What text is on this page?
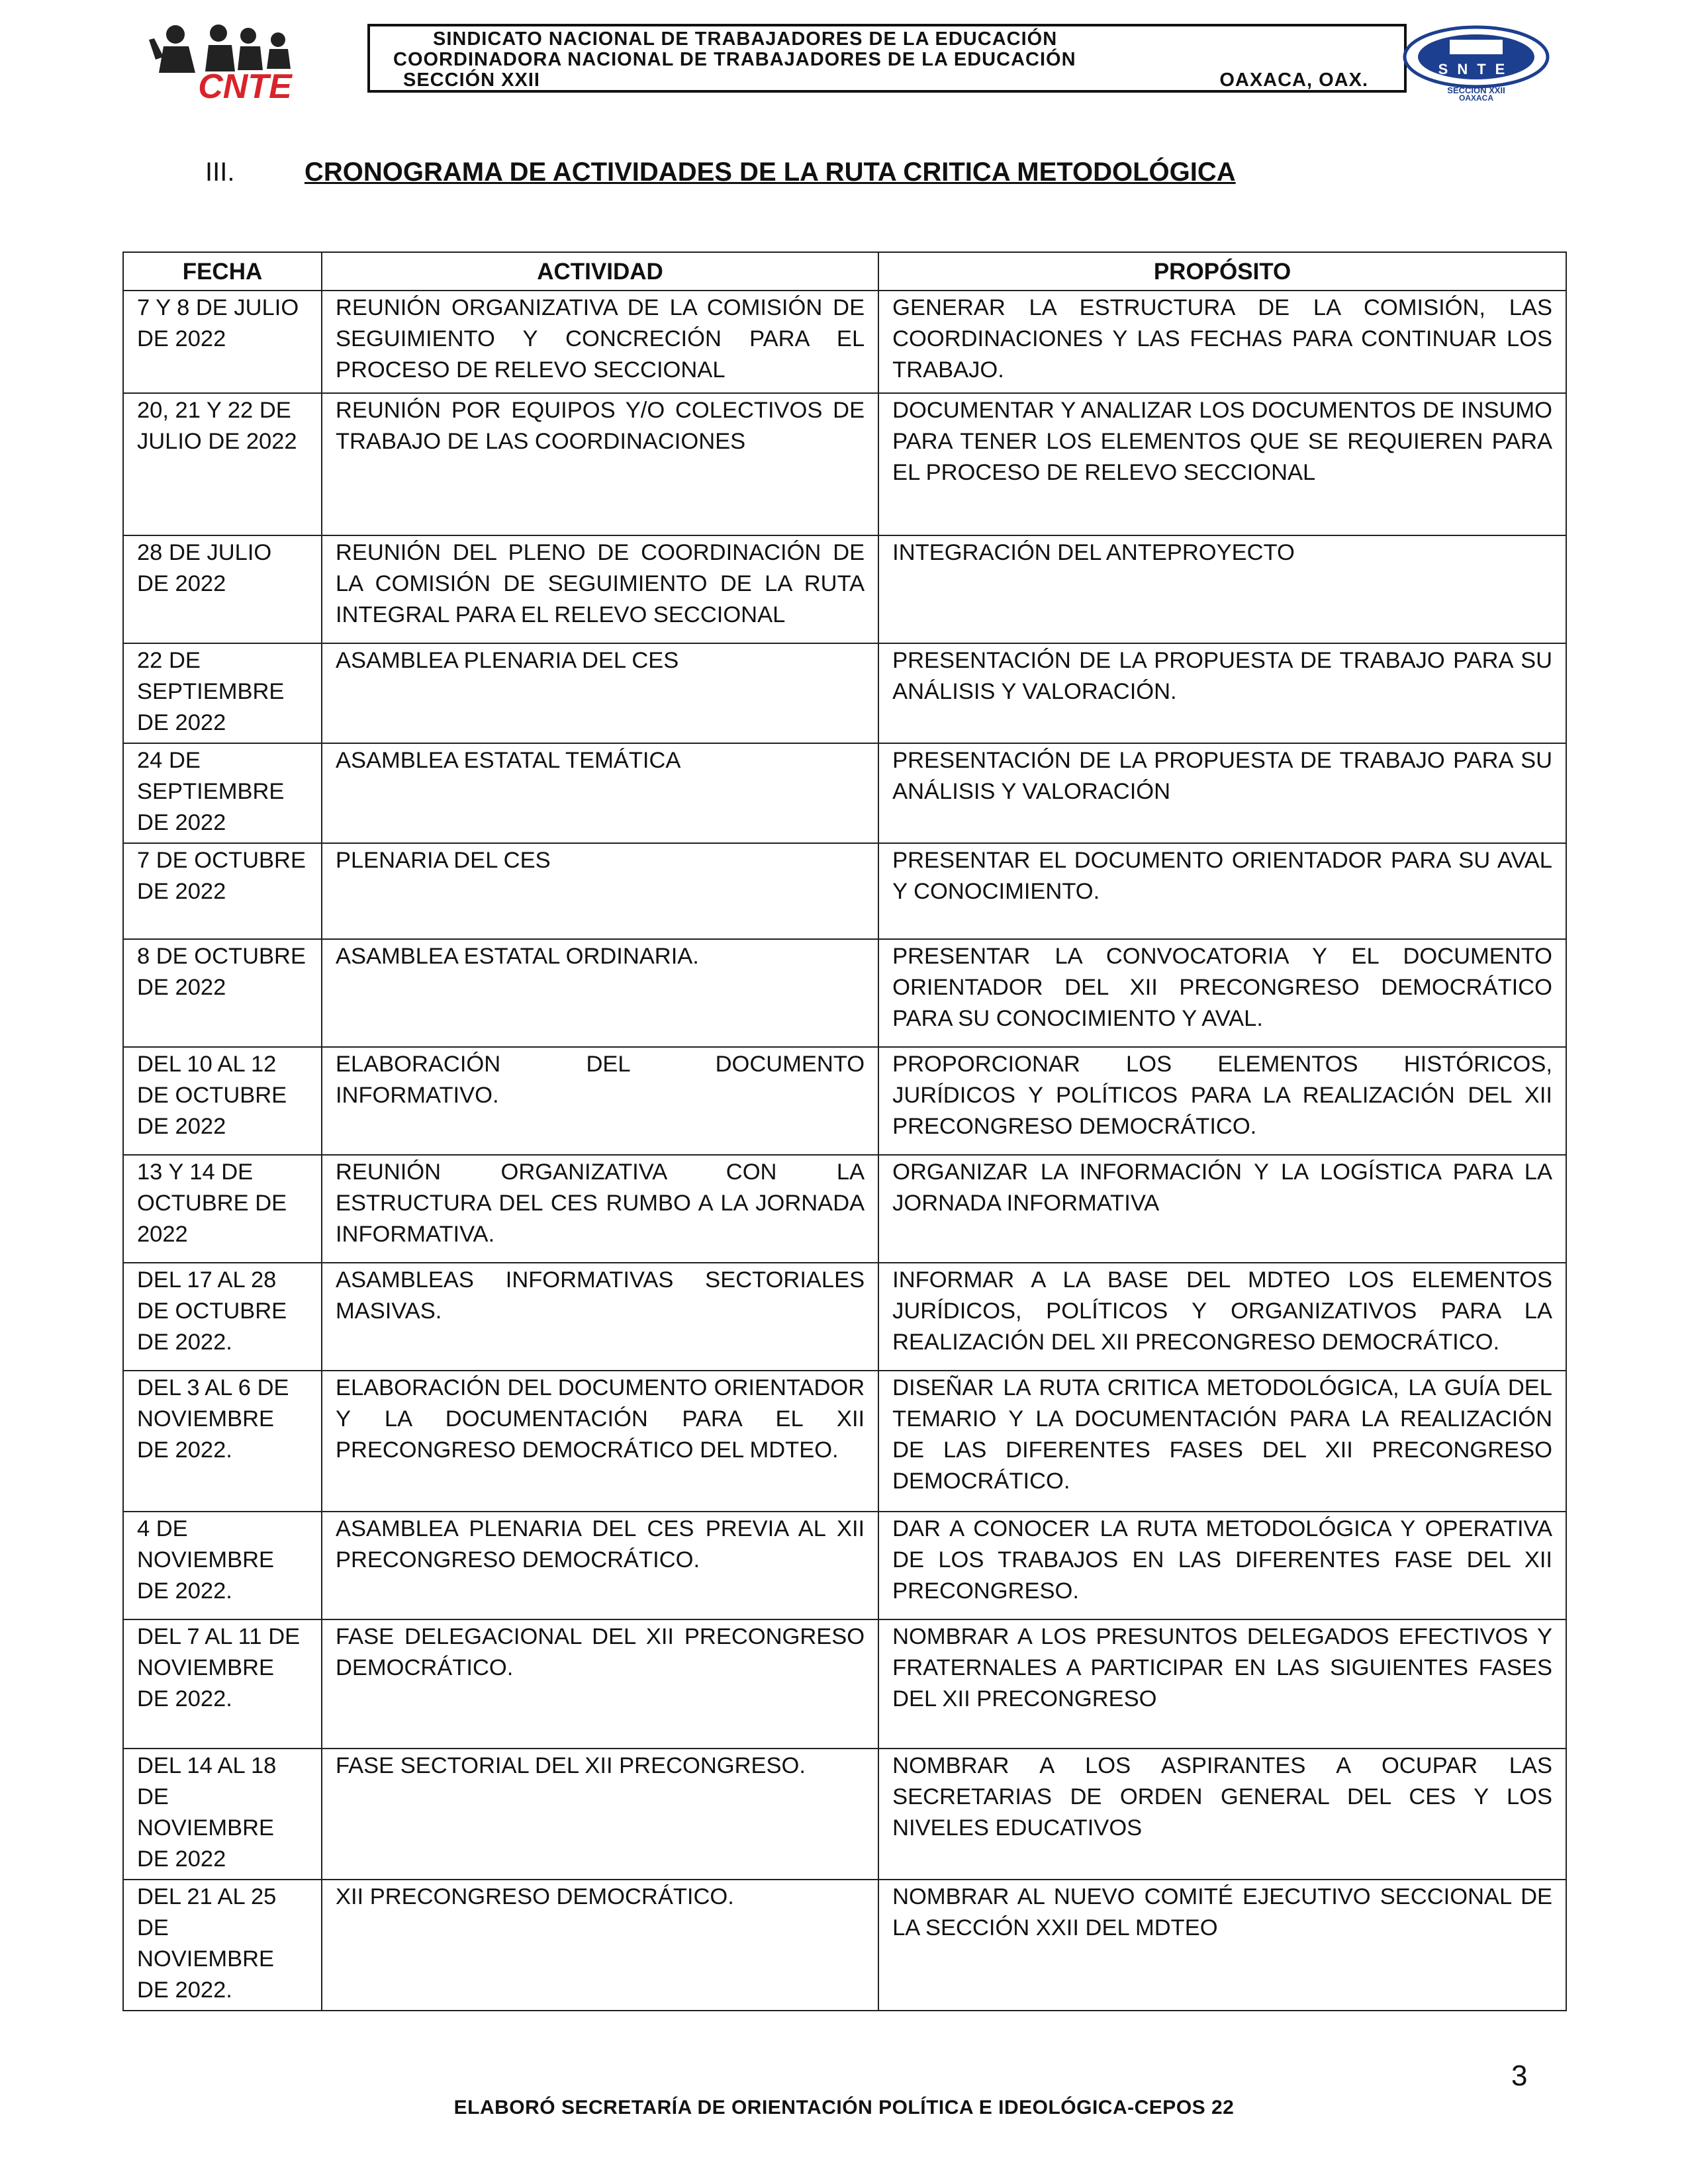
CNTE
SINDICATO NACIONAL DE TRABAJADORES DE LA EDUCACIÓN
COORDINADORA NACIONAL DE TRABAJADORES DE LA EDUCACIÓN
SECCIÓN XXII	OAXACA, OAX.
SNTE
SECCIÓN XXII
OAXACA
III.	CRONOGRAMA DE ACTIVIDADES DE LA RUTA CRITICA METODOLÓGICA
FECHA	ACTIVIDAD	PROPÓSITO
7 Y 8 DE JULIO DE 2022	REUNIÓN ORGANIZATIVA DE LA COMISIÓN DE SEGUIMIENTO Y CONCRECIÓN PARA EL PROCESO DE RELEVO SECCIONAL	GENERAR LA ESTRUCTURA DE LA COMISIÓN, LAS COORDINACIONES Y LAS FECHAS PARA CONTINUAR LOS TRABAJO.
20, 21 Y 22 DE JULIO DE 2022	REUNIÓN POR EQUIPOS Y/O COLECTIVOS DE TRABAJO DE LAS COORDINACIONES	DOCUMENTAR Y ANALIZAR LOS DOCUMENTOS DE INSUMO PARA TENER LOS ELEMENTOS QUE SE REQUIEREN PARA EL PROCESO DE RELEVO SECCIONAL
28 DE JULIO DE 2022	REUNIÓN DEL PLENO DE COORDINACIÓN DE LA COMISIÓN DE SEGUIMIENTO DE LA RUTA INTEGRAL PARA EL RELEVO SECCIONAL	INTEGRACIÓN DEL ANTEPROYECTO
22 DE SEPTIEMBRE DE 2022	ASAMBLEA PLENARIA DEL CES	PRESENTACIÓN DE LA PROPUESTA DE TRABAJO PARA SU ANÁLISIS Y VALORACIÓN.
24 DE SEPTIEMBRE DE 2022	ASAMBLEA ESTATAL TEMÁTICA	PRESENTACIÓN DE LA PROPUESTA DE TRABAJO PARA SU ANÁLISIS Y VALORACIÓN
7 DE OCTUBRE DE 2022	PLENARIA DEL CES	PRESENTAR EL DOCUMENTO ORIENTADOR PARA SU AVAL Y CONOCIMIENTO.
8 DE OCTUBRE DE 2022	ASAMBLEA ESTATAL ORDINARIA.	PRESENTAR LA CONVOCATORIA Y EL DOCUMENTO ORIENTADOR DEL XII PRECONGRESO DEMOCRÁTICO PARA SU CONOCIMIENTO Y AVAL.
DEL 10 AL 12 DE OCTUBRE DE 2022	ELABORACIÓN DEL DOCUMENTO INFORMATIVO.	PROPORCIONAR LOS ELEMENTOS HISTÓRICOS, JURÍDICOS Y POLÍTICOS PARA LA REALIZACIÓN DEL XII PRECONGRESO DEMOCRÁTICO.
13 Y 14 DE OCTUBRE DE 2022	REUNIÓN ORGANIZATIVA CON LA ESTRUCTURA DEL CES RUMBO A LA JORNADA INFORMATIVA.	ORGANIZAR LA INFORMACIÓN Y LA LOGÍSTICA PARA LA JORNADA INFORMATIVA
DEL 17 AL 28 DE OCTUBRE DE 2022.	ASAMBLEAS INFORMATIVAS SECTORIALES MASIVAS.	INFORMAR A LA BASE DEL MDTEO LOS ELEMENTOS JURÍDICOS, POLÍTICOS Y ORGANIZATIVOS PARA LA REALIZACIÓN DEL XII PRECONGRESO DEMOCRÁTICO.
DEL 3 AL 6 DE NOVIEMBRE DE 2022.	ELABORACIÓN DEL DOCUMENTO ORIENTADOR Y LA DOCUMENTACIÓN PARA EL XII PRECONGRESO DEMOCRÁTICO DEL MDTEO.	DISEÑAR LA RUTA CRITICA METODOLÓGICA, LA GUÍA DEL TEMARIO Y LA DOCUMENTACIÓN PARA LA REALIZACIÓN DE LAS DIFERENTES FASES DEL XII PRECONGRESO DEMOCRÁTICO.
4 DE NOVIEMBRE DE 2022.	ASAMBLEA PLENARIA DEL CES PREVIA AL XII PRECONGRESO DEMOCRÁTICO.	DAR A CONOCER LA RUTA METODOLÓGICA Y OPERATIVA DE LOS TRABAJOS EN LAS DIFERENTES FASE DEL XII PRECONGRESO.
DEL 7 AL 11 DE NOVIEMBRE DE 2022.	FASE DELEGACIONAL DEL XII PRECONGRESO DEMOCRÁTICO.	NOMBRAR A LOS PRESUNTOS DELEGADOS EFECTIVOS Y FRATERNALES A PARTICIPAR EN LAS SIGUIENTES FASES DEL XII PRECONGRESO
DEL 14 AL 18 DE NOVIEMBRE DE 2022	FASE SECTORIAL DEL XII PRECONGRESO.	NOMBRAR A LOS ASPIRANTES A OCUPAR LAS SECRETARIAS DE ORDEN GENERAL DEL CES Y LOS NIVELES EDUCATIVOS
DEL 21 AL 25 DE NOVIEMBRE DE 2022.	XII PRECONGRESO DEMOCRÁTICO.	NOMBRAR AL NUEVO COMITÉ EJECUTIVO SECCIONAL DE LA SECCIÓN XXII DEL MDTEO
3
ELABORÓ SECRETARÍA DE ORIENTACIÓN POLÍTICA E IDEOLÓGICA-CEPOS 22
